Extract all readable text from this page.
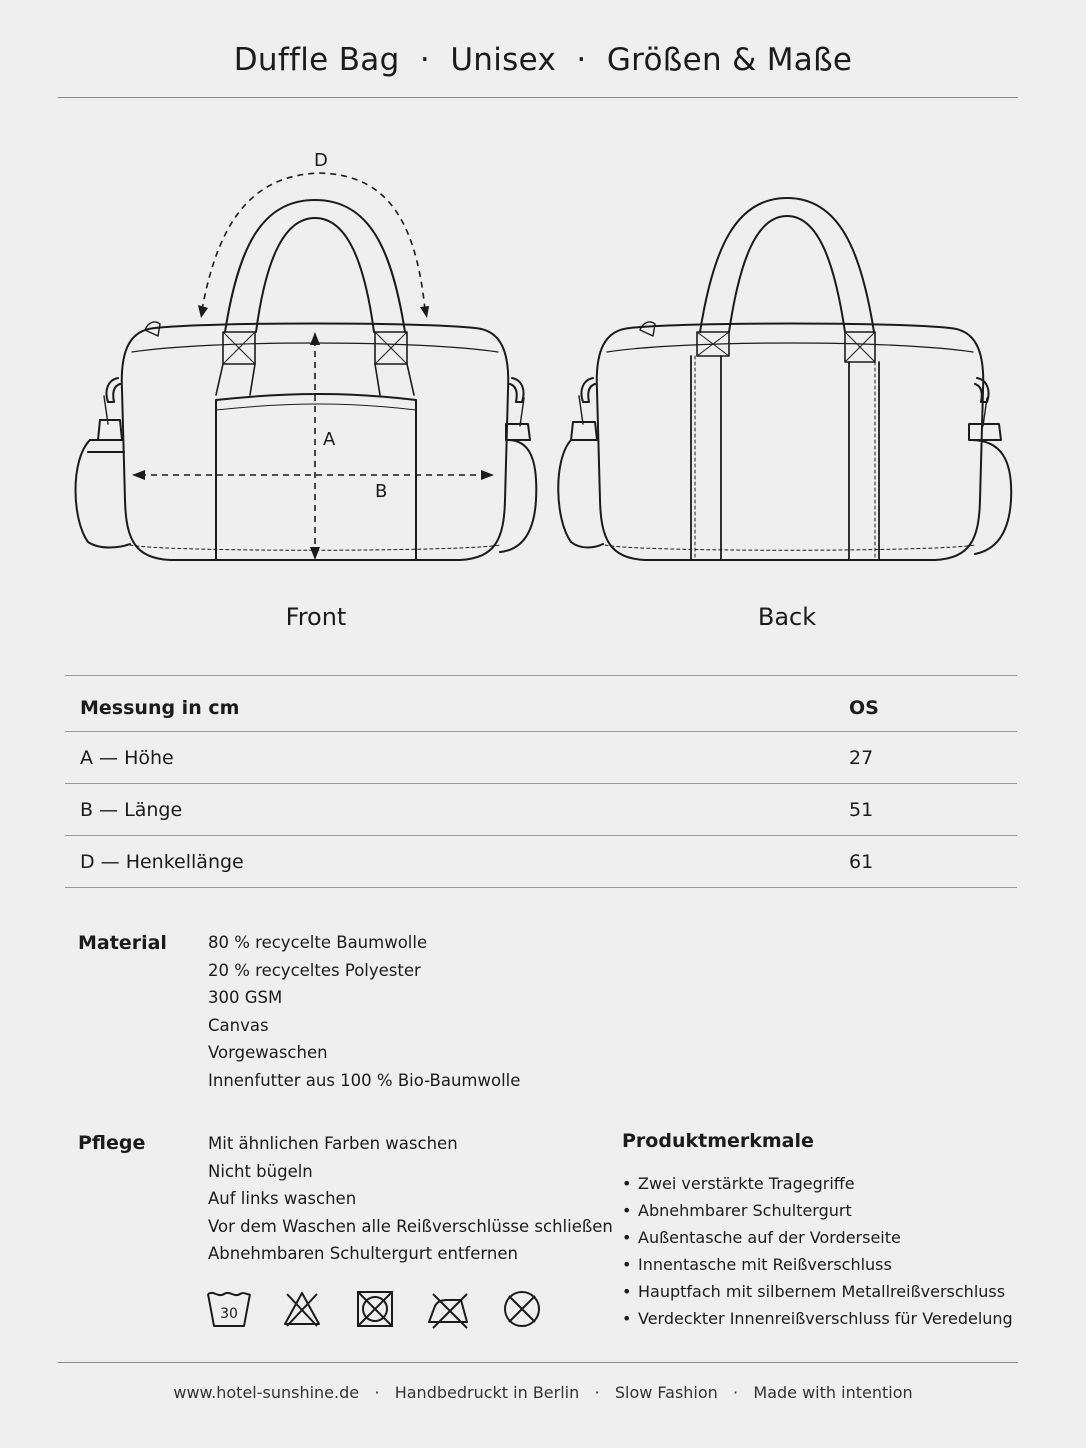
Duffle Bag  ·  Unisex  ·  Größen & Maße
A
B
D
Front	Back
Messung in cm	OS
A — Höhe	27
B — Länge	51
D — Henkellänge	61
Material 80 % recycelte Baumwolle
20 % recyceltes Polyester
300 GSM
Canvas
Vorgewaschen
Innenfutter aus 100 % Bio-Baumwolle
Pflege	Mit ähnlichen Farben waschen
Nicht bügeln
Auf links waschen
Vor dem Waschen alle Reißverschlüsse schließen
Abnehmbaren Schultergurt entfernen
30
Produktmerkmale
• Zwei verstärkte Tragegriffe
• Abnehmbarer Schultergurt
• Außentasche auf der Vorderseite
• Innentasche mit Reißverschluss
• Hauptfach mit silbernem Metallreißverschluss
• Verdeckter Innenreißverschluss für Veredelung
www.hotel-sunshine.de   ·   Handbedruckt in Berlin   ·   Slow Fashion   ·   Made with intention
